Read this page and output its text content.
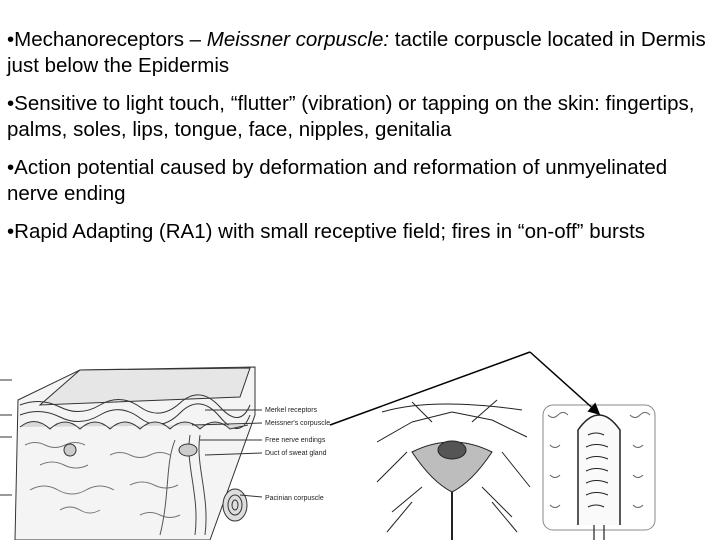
•Mechanoreceptors – Meissner corpuscle: tactile corpuscle located in Dermis just below the Epidermis
•Sensitive to light touch, “flutter” (vibration) or tapping on the skin: fingertips, palms, soles, lips, tongue, face, nipples, genitalia
•Action potential caused by deformation and reformation of unmyelinated nerve ending
•Rapid Adapting (RA1) with small receptive field; fires in “on-off” bursts
Merkel receptors
Meissner's corpuscle
Free nerve endings
Duct of sweat gland
Pacinian corpuscle
